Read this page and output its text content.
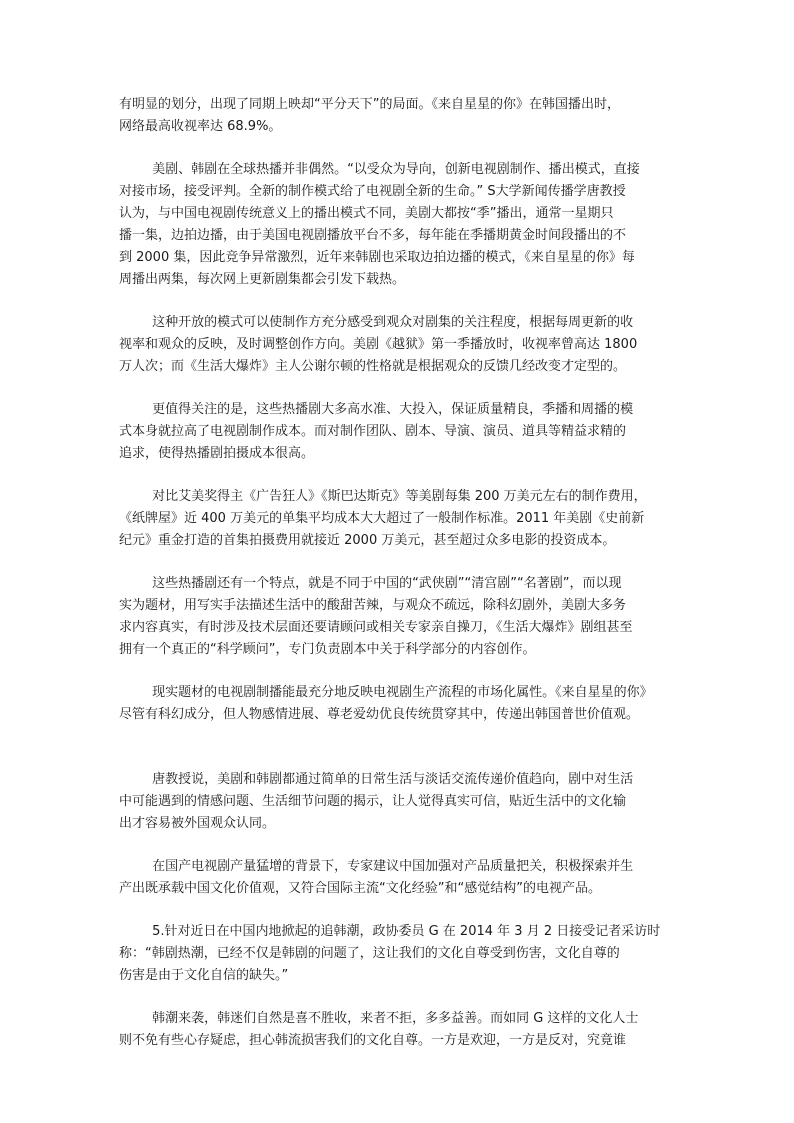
有明显的划分，出现了同期上映却“平分天下”的局面。《来自星星的你》在韩国播出时，
网络最高收视率达 68.9%。

美剧、韩剧在全球热播并非偶然。“以受众为导向，创新电视剧制作、播出模式，直接
对接市场，接受评判。全新的制作模式给了电视剧全新的生命。” S大学新闻传播学唐教授
认为，与中国电视剧传统意义上的播出模式不同，美剧大都按“季”播出，通常一星期只
播一集，边拍边播，由于美国电视剧播放平台不多，每年能在季播期黄金时间段播出的不
到 2000 集，因此竞争异常激烈，近年来韩剧也采取边拍边播的模式，《来自星星的你》每
周播出两集，每次网上更新剧集都会引发下载热。

这种开放的模式可以使制作方充分感受到观众对剧集的关注程度，根据每周更新的收
视率和观众的反映，及时调整创作方向。美剧《越狱》第一季播放时，收视率曾高达 1800
万人次；而《生活大爆炸》主人公谢尔顿的性格就是根据观众的反馈几经改变才定型的。

更值得关注的是，这些热播剧大多高水准、大投入，保证质量精良，季播和周播的模
式本身就拉高了电视剧制作成本。而对制作团队、剧本、导演、演员、道具等精益求精的
追求，使得热播剧拍摄成本很高。

对比艾美奖得主《广告狂人》《斯巴达斯克》等美剧每集 200 万美元左右的制作费用，
《纸牌屋》近 400 万美元的单集平均成本大大超过了一般制作标准。2011 年美剧《史前新
纪元》重金打造的首集拍摄费用就接近 2000 万美元，甚至超过众多电影的投资成本。

这些热播剧还有一个特点，就是不同于中国的“武侠剧”“清宫剧”“名著剧”，而以现
实为题材，用写实手法描述生活中的酸甜苦辣，与观众不疏远，除科幻剧外，美剧大多务
求内容真实，有时涉及技术层面还要请顾问或相关专家亲自操刀，《生活大爆炸》剧组甚至
拥有一个真正的“科学顾问”，专门负责剧本中关于科学部分的内容创作。

现实题材的电视剧制播能最充分地反映电视剧生产流程的市场化属性。《来自星星的你》
尽管有科幻成分，但人物感情进展、尊老爱幼优良传统贯穿其中，传递出韩国普世价值观。

唐教授说，美剧和韩剧都通过简单的日常生活与淡话交流传递价值趋向，剧中对生活
中可能遇到的情感问题、生活细节问题的揭示，让人觉得真实可信，贴近生活中的文化输
出才容易被外国观众认同。

在国产电视剧产量猛增的背景下，专家建议中国加强对产品质量把关，积极探索并生
产出既承载中国文化价值观，又符合国际主流“文化经验”和“感觉结构”的电视产品。

5.针对近日在中国内地掀起的追韩潮，政协委员 G 在 2014 年 3 月 2 日接受记者采访时
称：“韩剧热潮，已经不仅是韩剧的问题了，这让我们的文化自尊受到伤害，文化自尊的
伤害是由于文化自信的缺失。”

韩潮来袭，韩迷们自然是喜不胜收，来者不拒，多多益善。而如同 G 这样的文化人士
则不免有些心存疑虑，担心韩流损害我们的文化自尊。一方是欢迎，一方是反对，究竟谁
